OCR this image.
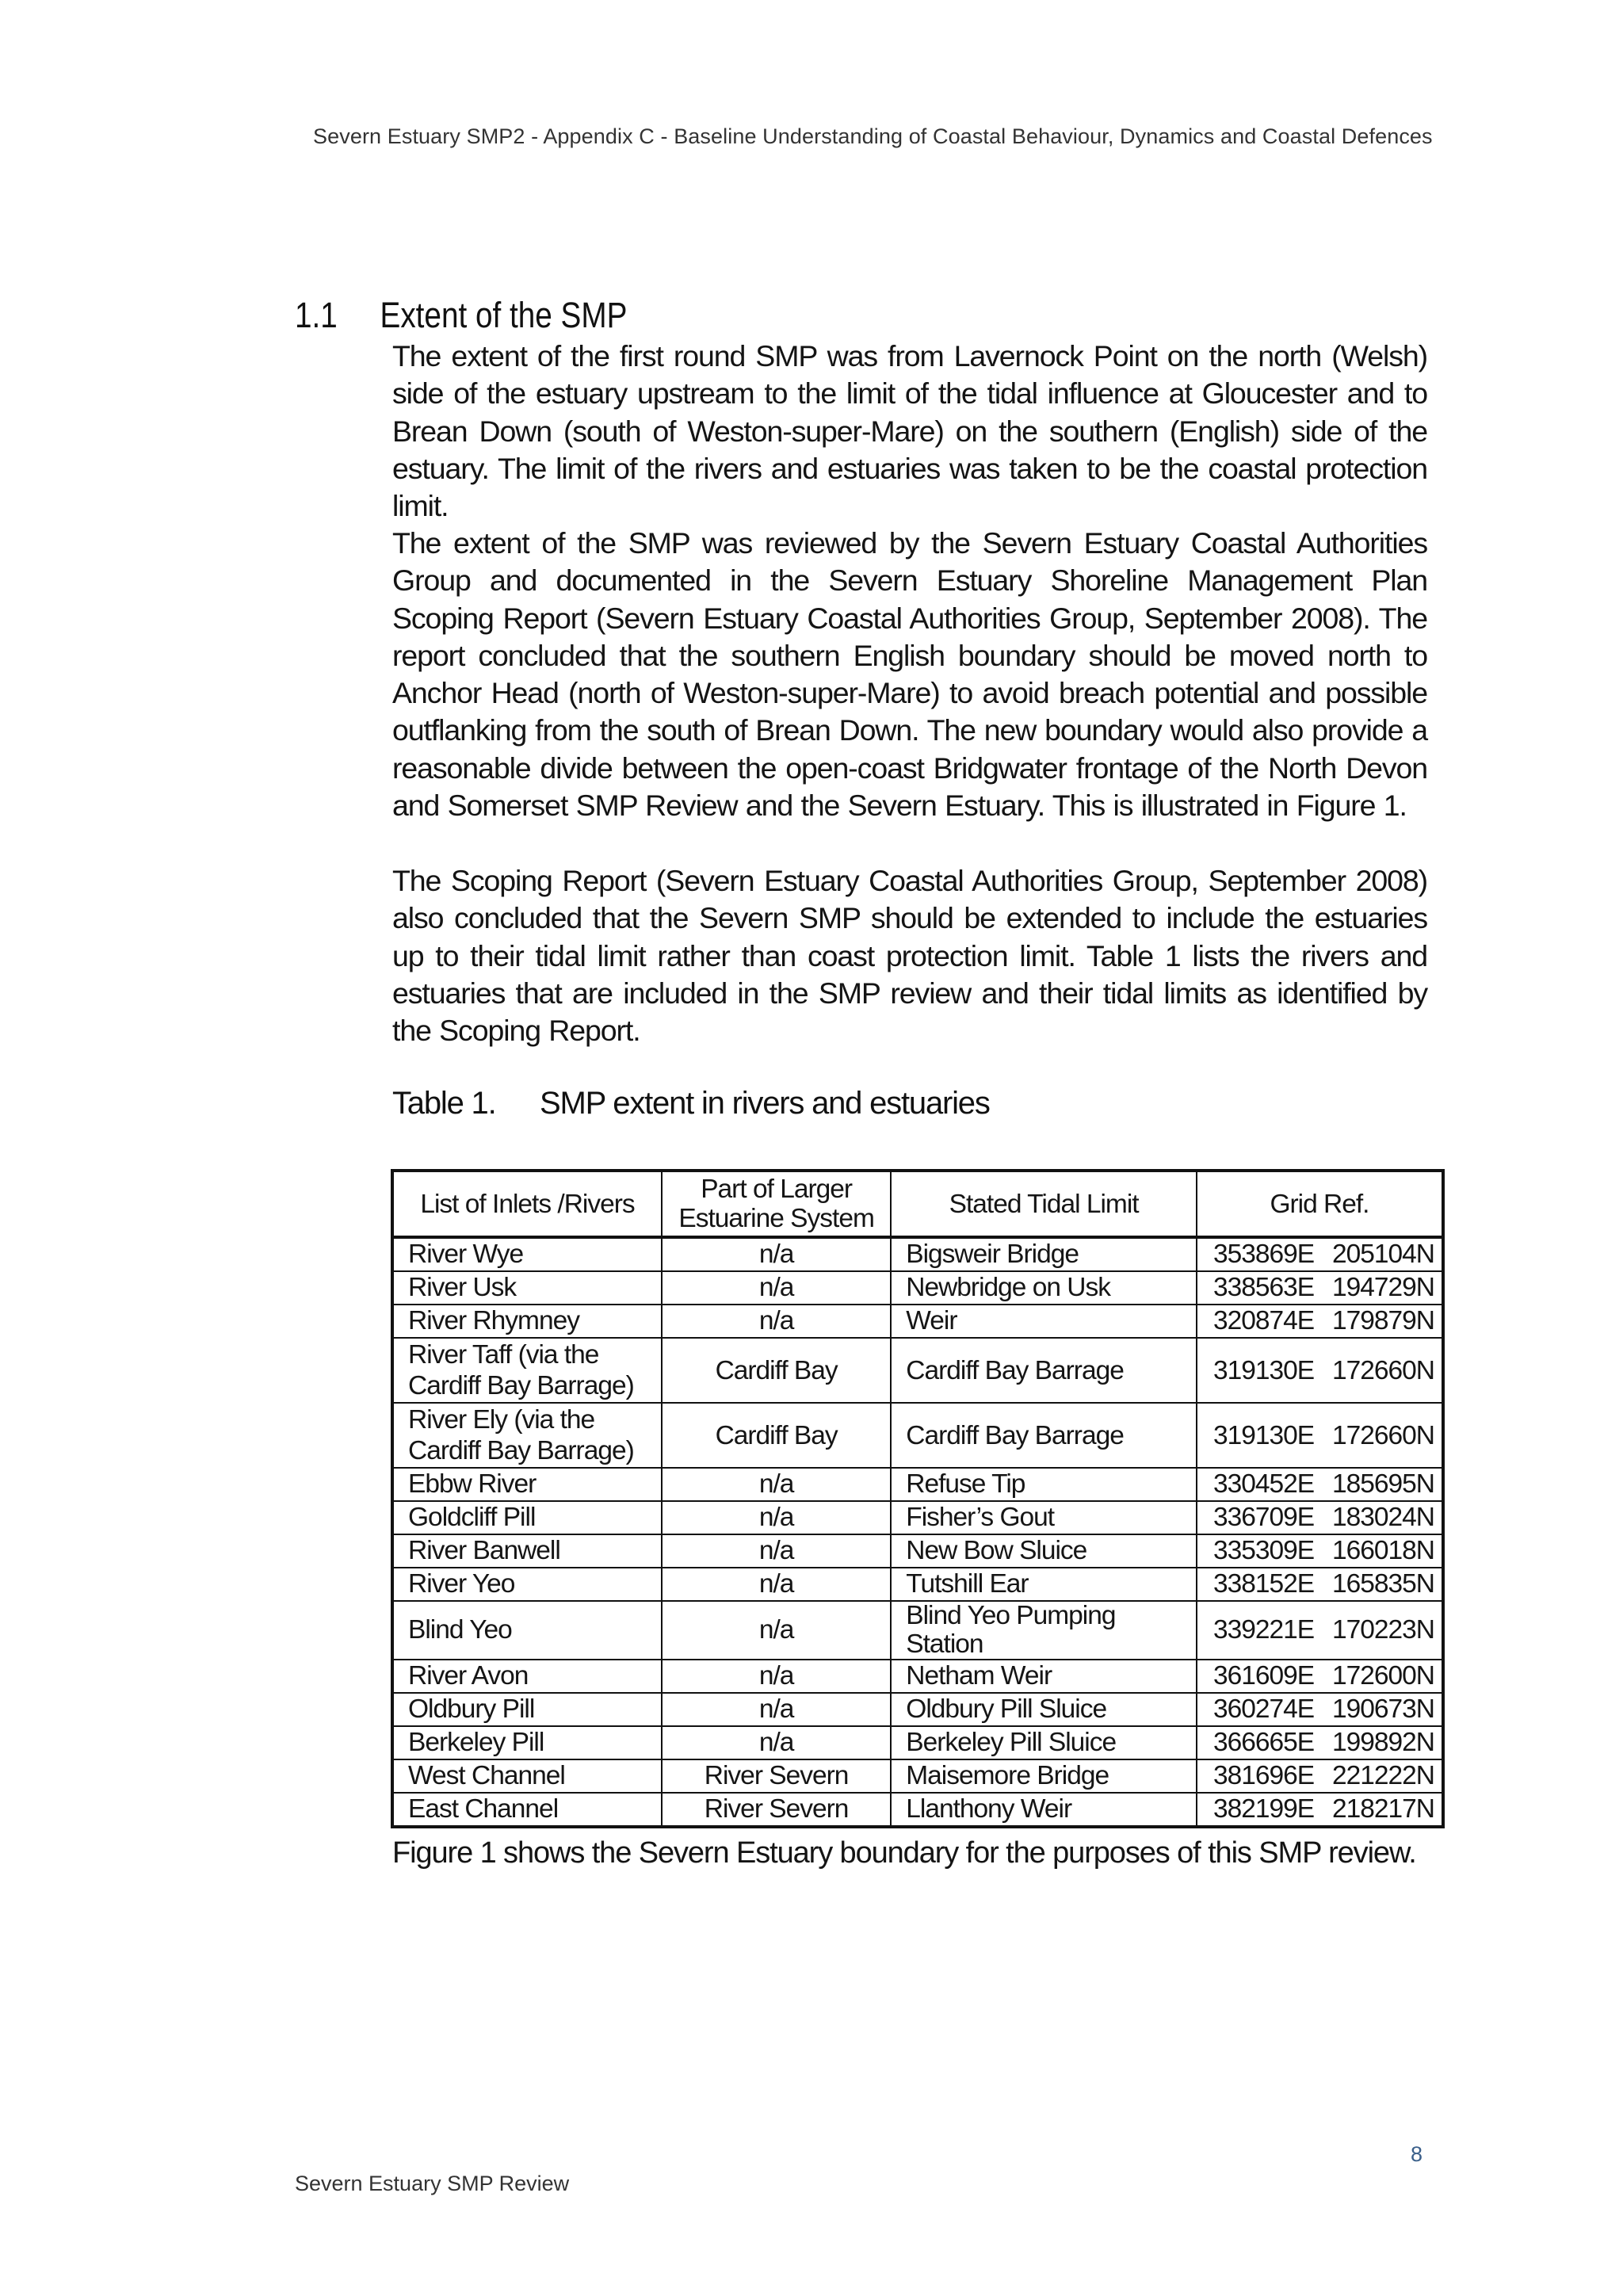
Severn Estuary SMP2 - Appendix C - Baseline Understanding of Coastal Behaviour, Dynamics and Coastal Defences
1.1 Extent of the SMP

The extent of the first round SMP was from Lavernock Point on the north (Welsh) side of the estuary upstream to the limit of the tidal influence at Gloucester and to Brean Down (south of Weston-super-Mare) on the southern (English) side of the estuary. The limit of the rivers and estuaries was taken to be the coastal protection limit.

The extent of the SMP was reviewed by the Severn Estuary Coastal Authorities Group and documented in the Severn Estuary Shoreline Management Plan Scoping Report (Severn Estuary Coastal Authorities Group, September 2008). The report concluded that the southern English boundary should be moved north to Anchor Head (north of Weston-super-Mare) to avoid breach potential and possible outflanking from the south of Brean Down. The new boundary would also provide a reasonable divide between the open-coast Bridgwater frontage of the North Devon and Somerset SMP Review and the Severn Estuary. This is illustrated in Figure 1.

The Scoping Report (Severn Estuary Coastal Authorities Group, September 2008) also concluded that the Severn SMP should be extended to include the estuaries up to their tidal limit rather than coast protection limit. Table 1 lists the rivers and estuaries that are included in the SMP review and their tidal limits as identified by the Scoping Report.

Table 1. SMP extent in rivers and estuaries
List of Inlets /Rivers	Part of Larger Estuarine System	Stated Tidal Limit	Grid Ref.
River Wye	n/a	Bigsweir Bridge	353869E 205104N
River Usk	n/a	Newbridge on Usk	338563E 194729N
River Rhymney	n/a	Weir	320874E 179879N
River Taff (via the Cardiff Bay Barrage)	Cardiff Bay	Cardiff Bay Barrage	319130E 172660N
River Ely (via the Cardiff Bay Barrage)	Cardiff Bay	Cardiff Bay Barrage	319130E 172660N
Ebbw River	n/a	Refuse Tip	330452E 185695N
Goldcliff Pill	n/a	Fisher’s Gout	336709E 183024N
River Banwell	n/a	New Bow Sluice	335309E 166018N
River Yeo	n/a	Tutshill Ear	338152E 165835N
Blind Yeo	n/a	Blind Yeo Pumping Station	339221E 170223N
River Avon	n/a	Netham Weir	361609E 172600N
Oldbury Pill	n/a	Oldbury Pill Sluice	360274E 190673N
Berkeley Pill	n/a	Berkeley Pill Sluice	366665E 199892N
West Channel	River Severn	Maisemore Bridge	381696E 221222N
East Channel	River Severn	Llanthony Weir	382199E 218217N
Figure 1 shows the Severn Estuary boundary for the purposes of this SMP review.
8
Severn Estuary SMP Review
